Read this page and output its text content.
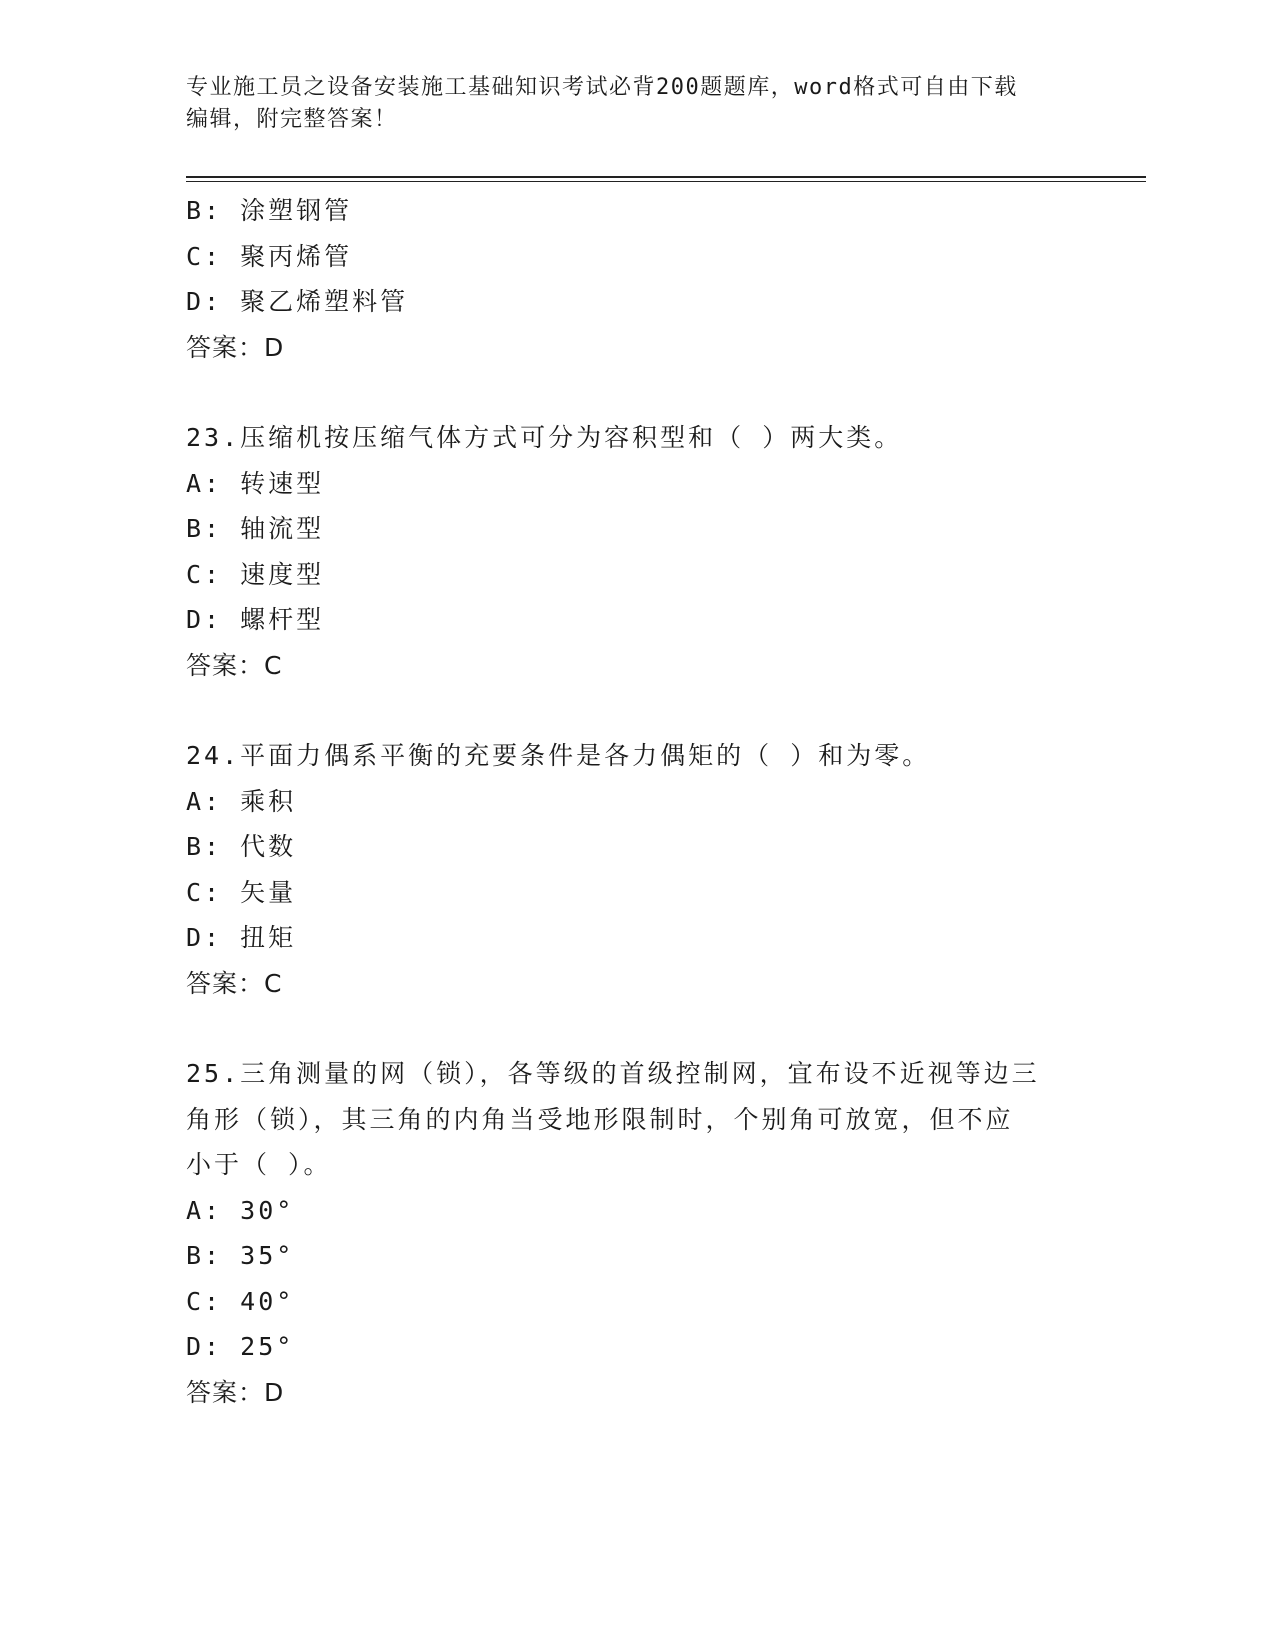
专业施工员之设备安装施工基础知识考试必背200题题库，word格式可自由下载
编辑，附完整答案！
B: 涂塑钢管
C: 聚丙烯管
D: 聚乙烯塑料管
答案：D
23.压缩机按压缩气体方式可分为容积型和（ ）两大类。
A: 转速型
B: 轴流型
C: 速度型
D: 螺杆型
答案：C
24.平面力偶系平衡的充要条件是各力偶矩的（ ）和为零。
A: 乘积
B: 代数
C: 矢量
D: 扭矩
答案：C
25.三角测量的网（锁），各等级的首级控制网，宜布设不近视等边三
角形（锁），其三角的内角当受地形限制时，个别角可放宽，但不应
小于（ ）。
A: 30°
B: 35°
C: 40°
D: 25°
答案：D
